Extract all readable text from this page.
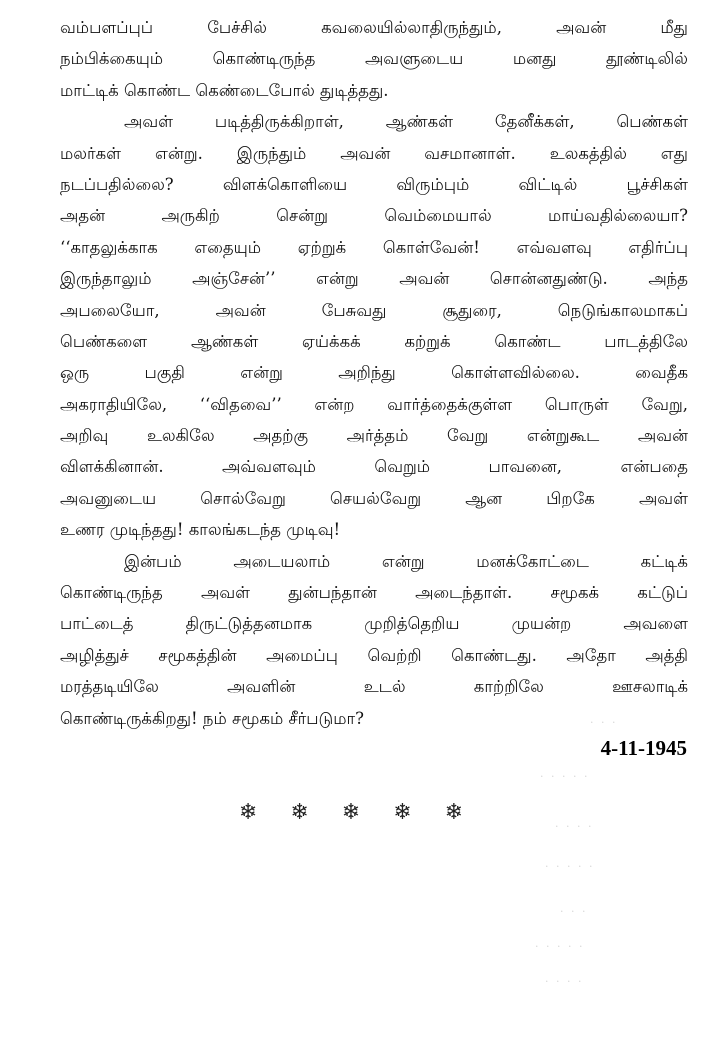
வம்பளப்புப் பேச்சில் கவலையில்லாதிருந்தும், அவன் மீது
நம்பிக்கையும் கொண்டிருந்த அவளுடைய மனது தூண்டிலில்
மாட்டிக் கொண்ட கெண்டைபோல் துடித்தது.
அவள் படித்திருக்கிறாள், ஆண்கள் தேனீக்கள், பெண்கள்
மலர்கள் என்று. இருந்தும் அவன் வசமானாள். உலகத்தில் எது
நடப்பதில்லை? விளக்கொளியை விரும்பும் விட்டில் பூச்சிகள்
அதன் அருகிற் சென்று வெம்மையால் மாய்வதில்லையா?
‘‘காதலுக்காக எதையும் ஏற்றுக் கொள்வேன்! எவ்வளவு எதிர்ப்பு
இருந்தாலும் அஞ்சேன்’’ என்று அவன் சொன்னதுண்டு. அந்த
அபலையோ, அவன் பேசுவது சூதுரை, நெடுங்காலமாகப்
பெண்களை ஆண்கள் ஏய்க்கக் கற்றுக் கொண்ட பாடத்திலே
ஒரு பகுதி என்று அறிந்து கொள்ளவில்லை. வைதீக
அகராதியிலே, ‘‘விதவை’’ என்ற வார்த்தைக்குள்ள பொருள் வேறு,
அறிவு உலகிலே அதற்கு அர்த்தம் வேறு என்றுகூட அவன்
விளக்கினான். அவ்வளவும் வெறும் பாவனை, என்பதை
அவனுடைய சொல்வேறு செயல்வேறு ஆன பிறகே அவள்
உணர முடிந்தது! காலங்கடந்த முடிவு!
இன்பம் அடையலாம் என்று மனக்கோட்டை கட்டிக்
கொண்டிருந்த அவள் துன்பந்தான் அடைந்தாள். சமூகக் கட்டுப்
பாட்டைத் திருட்டுத்தனமாக முறித்தெறிய முயன்ற அவளை
அழித்துச் சமூகத்தின் அமைப்பு வெற்றி கொண்டது. அதோ அத்தி
மரத்தடியிலே அவளின் உடல் காற்றிலே ஊசலாடிக்
கொண்டிருக்கிறது! நம் சமூகம் சீர்படுமா?
4-11-1945
❄ ❄ ❄ ❄ ❄
· · ·
· · · · ·
· · · ·
· · · · ·
· · ·
· · · · ·
· · · ·
